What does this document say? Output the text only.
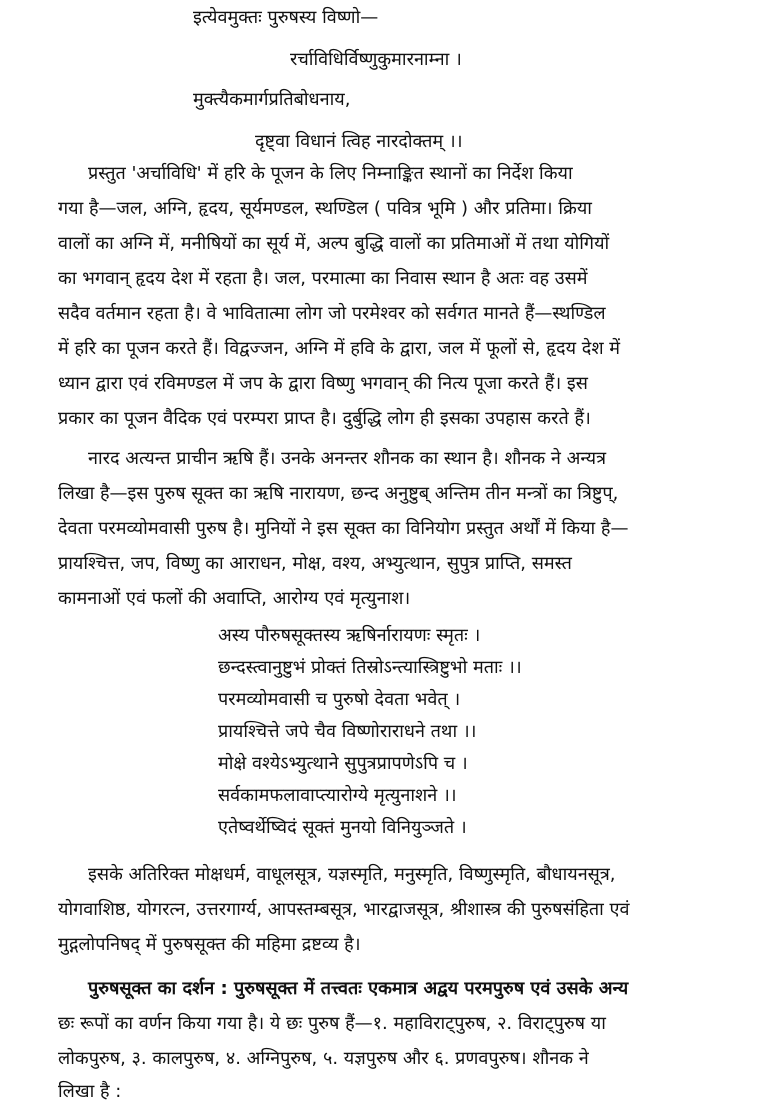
इत्येवमुक्तः पुरुषस्य विष्णो—

रर्चाविधिर्विष्णुकुमारनाम्ना ।

मुक्त्यैकमार्गप्रतिबोधनाय,

दृष्ट्वा विधानं त्विह नारदोक्तम् ।।

प्रस्तुत 'अर्चाविधि' में हरि के पूजन के लिए निम्नाङ्कित स्थानों का निर्देश किया

गया है—जल, अग्नि, हृदय, सूर्यमण्डल, स्थण्डिल ( पवित्र भूमि ) और प्रतिमा। क्रिया

वालों का अग्नि में, मनीषियों का सूर्य में, अल्प बुद्धि वालों का प्रतिमाओं में तथा योगियों

का भगवान् हृदय देश में रहता है। जल, परमात्मा का निवास स्थान है अतः वह उसमें

सदैव वर्तमान रहता है। वे भावितात्मा लोग जो परमेश्वर को सर्वगत मानते हैं—स्थण्डिल

में हरि का पूजन करते हैं। विद्वज्जन, अग्नि में हवि के द्वारा, जल में फूलों से, हृदय देश में

ध्यान द्वारा एवं रविमण्डल में जप के द्वारा विष्णु भगवान् की नित्य पूजा करते हैं। इस

प्रकार का पूजन वैदिक एवं परम्परा प्राप्त है। दुर्बुद्धि लोग ही इसका उपहास करते हैं।

नारद अत्यन्त प्राचीन ऋषि हैं। उनके अनन्तर शौनक का स्थान है। शौनक ने अन्यत्र

लिखा है—इस पुरुष सूक्त का ऋषि नारायण, छन्द अनुष्टुब् अन्तिम तीन मन्त्रों का त्रिष्टुप्,

देवता परमव्योमवासी पुरुष है। मुनियों ने इस सूक्त का विनियोग प्रस्तुत अर्थों में किया है—

प्रायश्चित्त, जप, विष्णु का आराधन, मोक्ष, वश्य, अभ्युत्थान, सुपुत्र प्राप्ति, समस्त

कामनाओं एवं फलों की अवाप्ति, आरोग्य एवं मृत्युनाश।

अस्य पौरुषसूक्तस्य ऋषिर्नारायणः स्मृतः ।

छन्दस्त्वानुष्टुभं प्रोक्तं तिस्रोऽन्त्यास्त्रिष्टुभो मताः ।।

परमव्योमवासी च पुरुषो देवता भवेत् ।

प्रायश्चित्ते जपे चैव विष्णोराराधने तथा ।।

मोक्षे वश्येऽभ्युत्थाने सुपुत्रप्रापणेऽपि च ।

सर्वकामफलावाप्त्यारोग्ये मृत्युनाशने ।।

एतेष्वर्थेष्विदं सूक्तं मुनयो विनियुञ्जते ।

इसके अतिरिक्त मोक्षधर्म, वाधूलसूत्र, यज्ञस्मृति, मनुस्मृति, विष्णुस्मृति, बौधायनसूत्र,

योगवाशिष्ठ, योगरत्न, उत्तरगार्ग्य, आपस्तम्बसूत्र, भारद्वाजसूत्र, श्रीशास्त्र की पुरुषसंहिता एवं

मुद्गलोपनिषद् में पुरुषसूक्त की महिमा द्रष्टव्य है।

पुरुषसूक्त का दर्शन : पुरुषसूक्त में तत्त्वतः एकमात्र अद्वय परमपुरुष एवं उसके अन्य

छः रूपों का वर्णन किया गया है। ये छः पुरुष हैं—१. महाविराट्पुरुष, २. विराट्पुरुष या

लोकपुरुष, ३. कालपुरुष, ४. अग्निपुरुष, ५. यज्ञपुरुष और ६. प्रणवपुरुष। शौनक ने

लिखा है :
